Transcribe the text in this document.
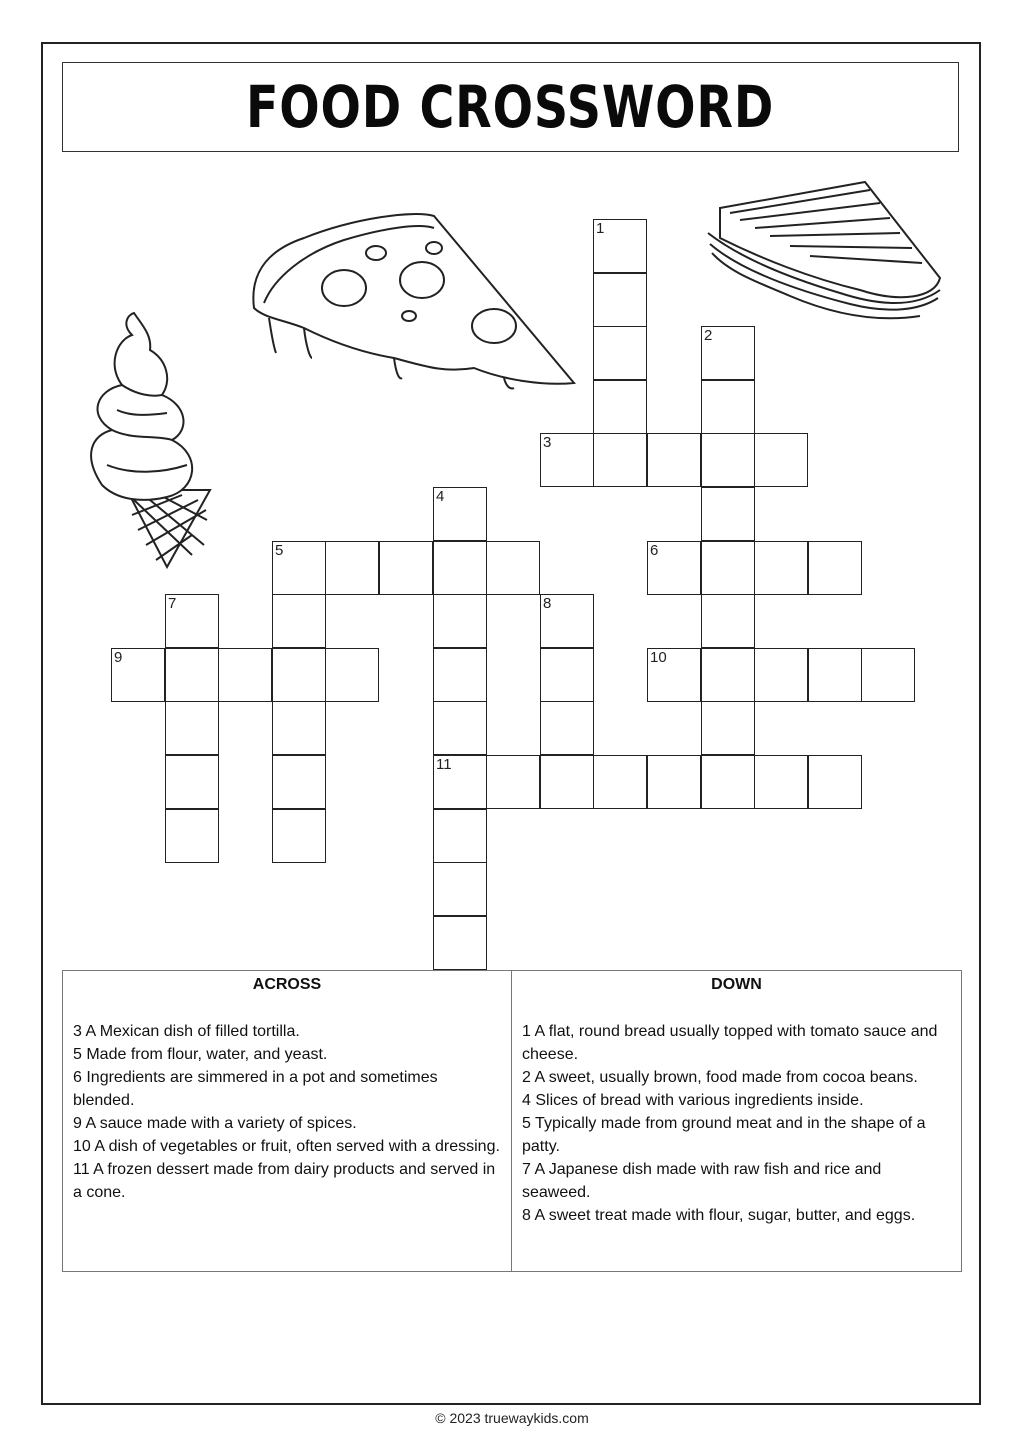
FOOD CROSSWORD
1
2
3
4
11
5	6
7	8
9	10
ACROSS

3 A Mexican dish of filled tortilla.

5 Made from flour, water, and yeast.

6 Ingredients are simmered in a pot and sometimes blended.

9 A sauce made with a variety of spices.

10 A dish of vegetables or fruit, often served with a dressing.

11 A frozen dessert made from dairy products and served in a cone.

DOWN

1 A flat, round bread usually topped with tomato sauce and cheese.

2 A sweet, usually brown, food made from cocoa beans.

4 Slices of bread with various ingredients inside.

5 Typically made from ground meat and in the shape of a patty.

7 A Japanese dish made with raw fish and rice and seaweed.

8 A sweet treat made with flour, sugar, butter, and eggs.

© 2023 truewaykids.com
